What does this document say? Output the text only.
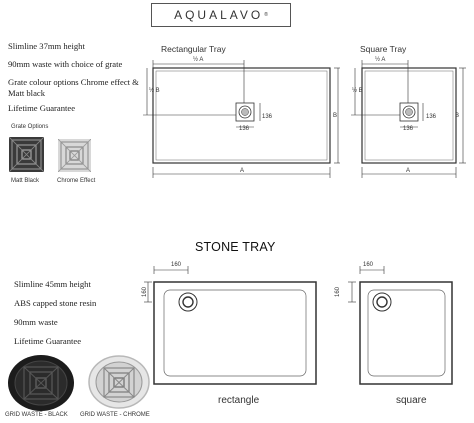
AQUALAVO ®
Slimline 37mm height
90mm waste with choice of grate
Grate colour options Chrome effect & Matt black
Lifetime Guarantee
Grate Options
Matt Black	Chrome Effect
Rectangular Tray	Square Tray
½ A
½ B
136
136
A
B
½ A
½ B
136
136
A
B
STONE TRAY
Slimline 45mm height
ABS capped stone resin
90mm waste
Lifetime Guarantee
GRID WASTE - BLACK GRID WASTE - CHROME
160
160
160
160
rectangle	square
